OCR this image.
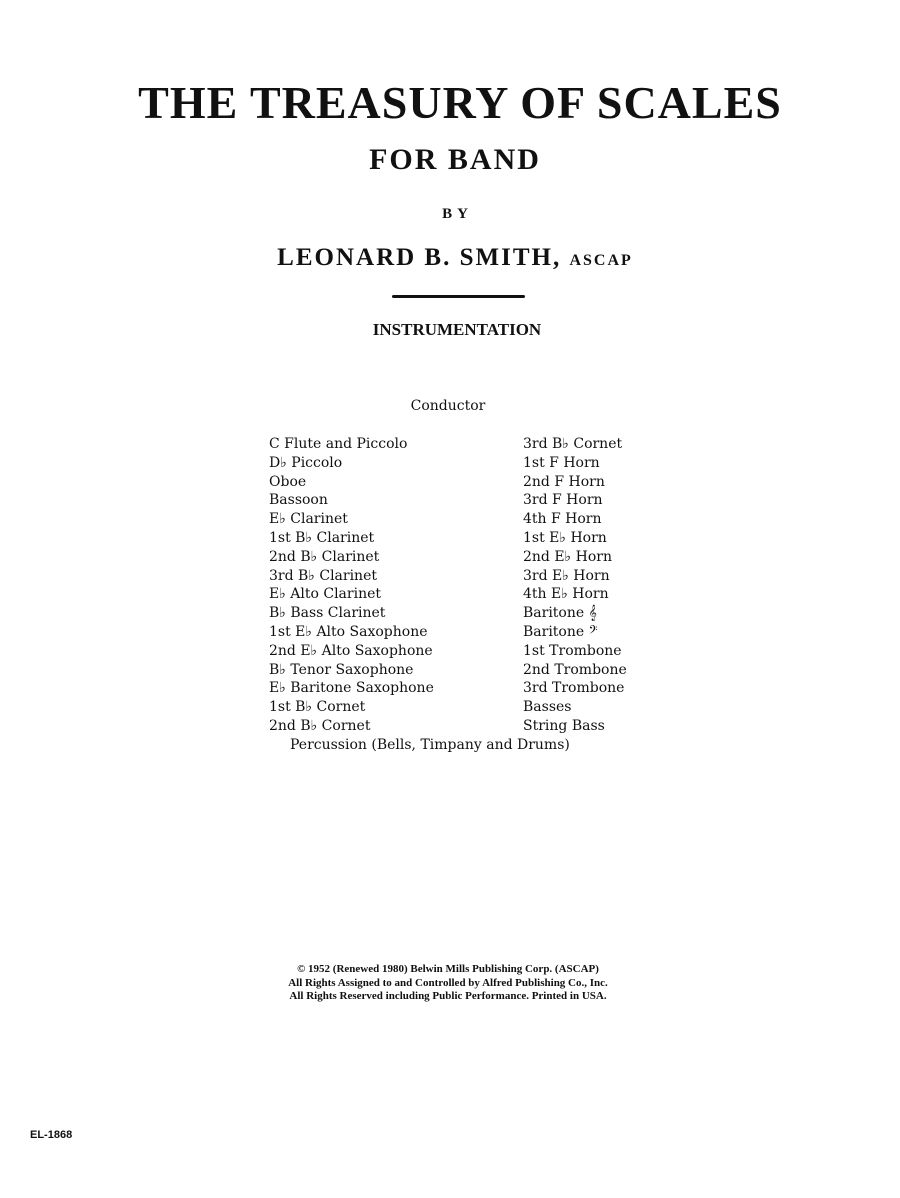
THE TREASURY OF SCALES
FOR BAND
BY
LEONARD B. SMITH, ASCAP
INSTRUMENTATION
Conductor
C Flute and Piccolo
D♭ Piccolo
Oboe
Bassoon
E♭ Clarinet
1st B♭ Clarinet
2nd B♭ Clarinet
3rd B♭ Clarinet
E♭ Alto Clarinet
B♭ Bass Clarinet
1st E♭ Alto Saxophone
2nd E♭ Alto Saxophone
B♭ Tenor Saxophone
E♭ Baritone Saxophone
1st B♭ Cornet
2nd B♭ Cornet
3rd B♭ Cornet
1st F Horn
2nd F Horn
3rd F Horn
4th F Horn
1st E♭ Horn
2nd E♭ Horn
3rd E♭ Horn
4th E♭ Horn
Baritone 𝄞
Baritone 𝄢
1st Trombone
2nd Trombone
3rd Trombone
Basses
String Bass
Percussion (Bells, Timpany and Drums)
© 1952 (Renewed 1980) Belwin Mills Publishing Corp. (ASCAP)
All Rights Assigned to and Controlled by Alfred Publishing Co., Inc.
All Rights Reserved including Public Performance. Printed in USA.
EL-1868
